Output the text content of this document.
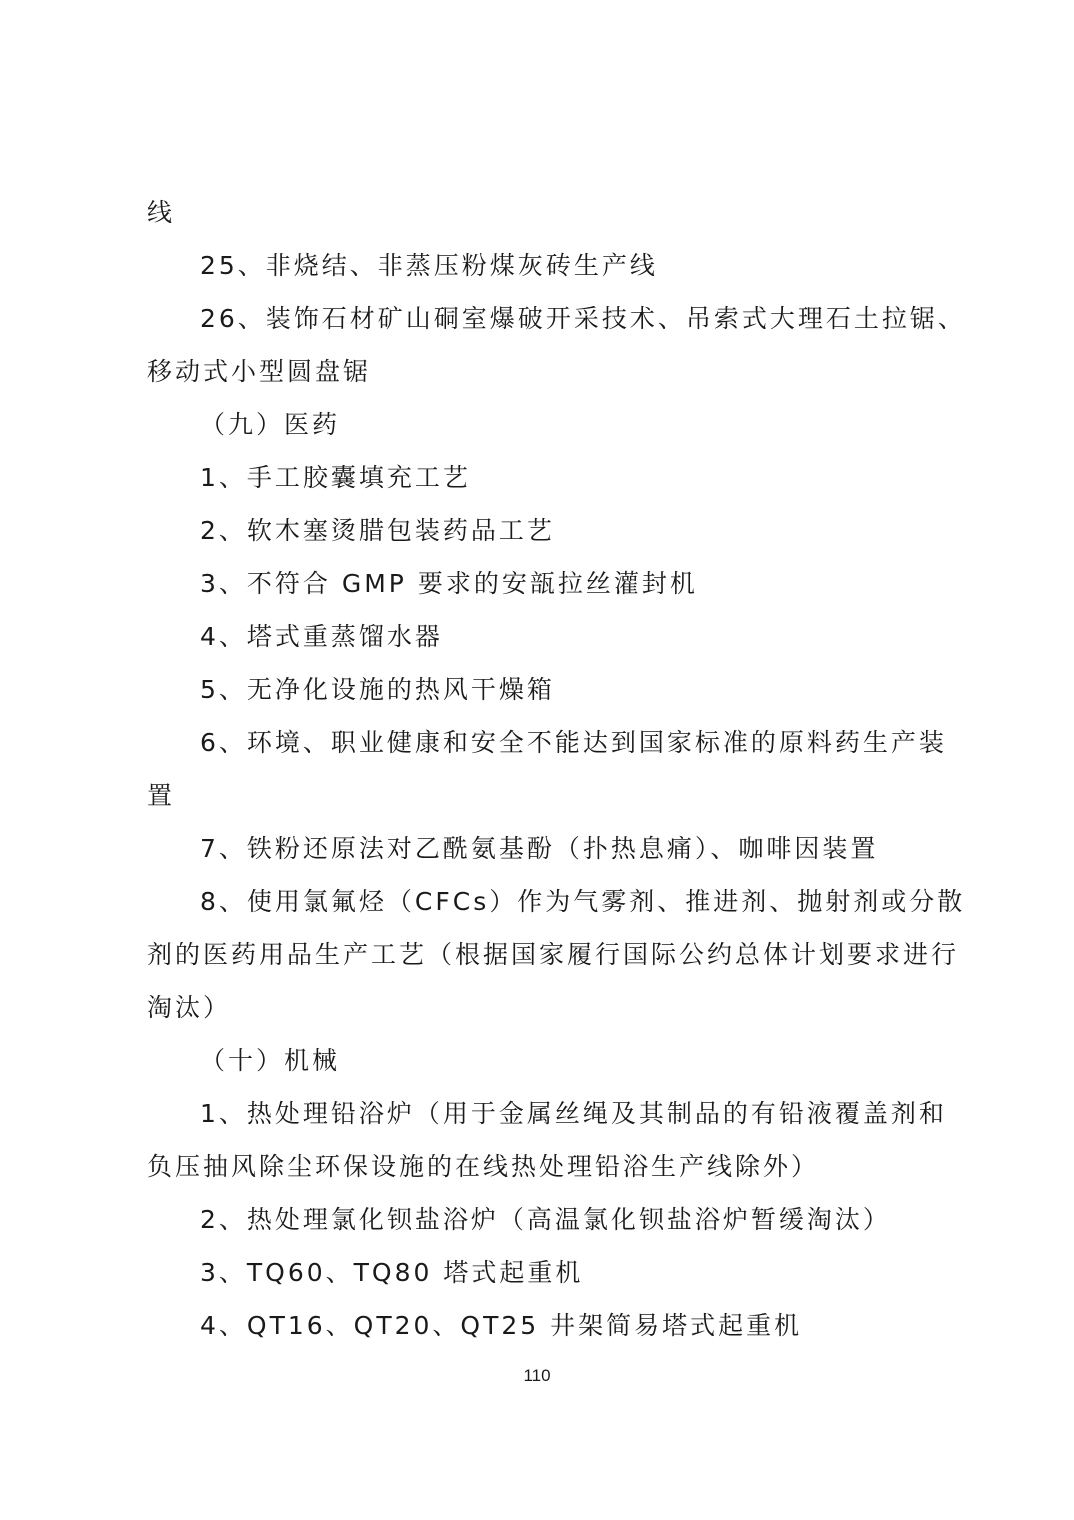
线
25、非烧结、非蒸压粉煤灰砖生产线
26、装饰石材矿山硐室爆破开采技术、吊索式大理石土拉锯、
移动式小型圆盘锯
（九）医药
1、手工胶囊填充工艺
2、软木塞烫腊包装药品工艺
3、不符合 GMP 要求的安瓿拉丝灌封机
4、塔式重蒸馏水器
5、无净化设施的热风干燥箱
6、环境、职业健康和安全不能达到国家标准的原料药生产装
置
7、铁粉还原法对乙酰氨基酚（扑热息痛）、咖啡因装置
8、使用氯氟烃（CFCs）作为气雾剂、推进剂、抛射剂或分散
剂的医药用品生产工艺（根据国家履行国际公约总体计划要求进行
淘汰）
（十）机械
1、热处理铅浴炉（用于金属丝绳及其制品的有铅液覆盖剂和
负压抽风除尘环保设施的在线热处理铅浴生产线除外）
2、热处理氯化钡盐浴炉（高温氯化钡盐浴炉暂缓淘汰）
3、TQ60、TQ80 塔式起重机
4、QT16、QT20、QT25 井架简易塔式起重机
110
